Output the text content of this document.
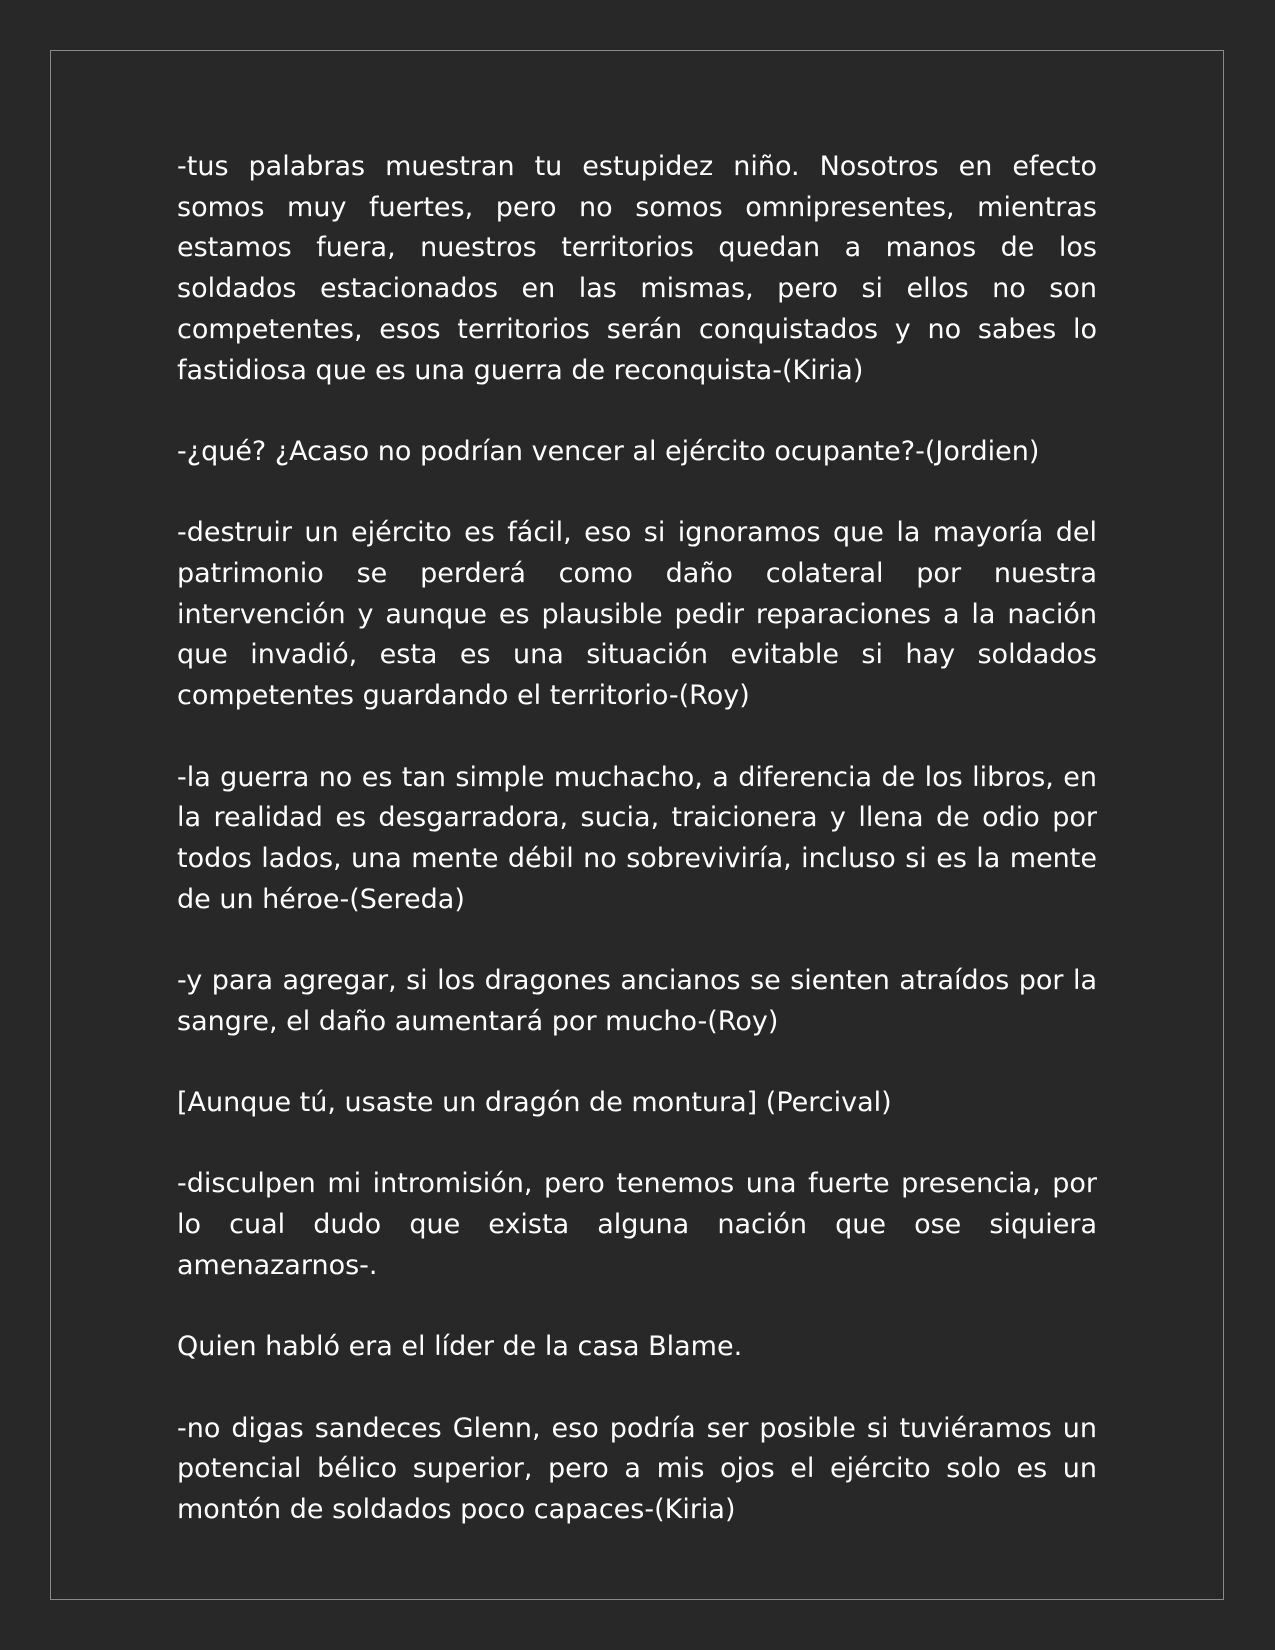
-tus palabras muestran tu estupidez niño. Nosotros en efecto somos muy fuertes, pero no somos omnipresentes, mientras estamos fuera, nuestros territorios quedan a manos de los soldados estacionados en las mismas, pero si ellos no son competentes, esos territorios serán conquistados y no sabes lo fastidiosa que es una guerra de reconquista-(Kiria)

-¿qué? ¿Acaso no podrían vencer al ejército ocupante?-(Jordien)

-destruir un ejército es fácil, eso si ignoramos que la mayoría del patrimonio se perderá como daño colateral por nuestra intervención y aunque es plausible pedir reparaciones a la nación que invadió, esta es una situación evitable si hay soldados competentes guardando el territorio-(Roy)

-la guerra no es tan simple muchacho, a diferencia de los libros, en la realidad es desgarradora, sucia, traicionera y llena de odio por todos lados, una mente débil no sobreviviría, incluso si es la mente de un héroe-(Sereda)

-y para agregar, si los dragones ancianos se sienten atraídos por la sangre, el daño aumentará por mucho-(Roy)

[Aunque tú, usaste un dragón de montura] (Percival)

-disculpen mi intromisión, pero tenemos una fuerte presencia, por lo cual dudo que exista alguna nación que ose siquiera amenazarnos-.

Quien habló era el líder de la casa Blame.

-no digas sandeces Glenn, eso podría ser posible si tuviéramos un potencial bélico superior, pero a mis ojos el ejército solo es un montón de soldados poco capaces-(Kiria)
